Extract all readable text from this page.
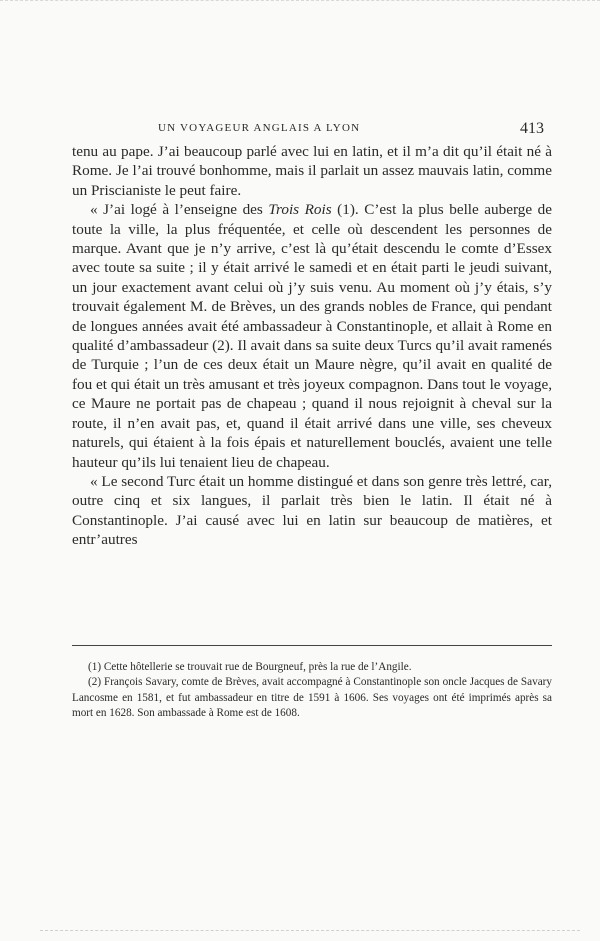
UN VOYAGEUR ANGLAIS A LYON	413

tenu au pape. J’ai beaucoup parlé avec lui en latin, et il m’a dit qu’il était né à Rome. Je l’ai trouvé bonhomme, mais il parlait un assez mauvais latin, comme un Priscianiste le peut faire.

« J’ai logé à l’enseigne des Trois Rois (1). C’est la plus belle auberge de toute la ville, la plus fréquentée, et celle où descendent les personnes de marque. Avant que je n’y arrive, c’est là qu’était descendu le comte d’Essex avec toute sa suite ; il y était arrivé le samedi et en était parti le jeudi suivant, un jour exactement avant celui où j’y suis venu. Au moment où j’y étais, s’y trouvait également M. de Brèves, un des grands nobles de France, qui pendant de longues années avait été ambassadeur à Constantinople, et allait à Rome en qualité d’ambassadeur (2). Il avait dans sa suite deux Turcs qu’il avait ramenés de Turquie ; l’un de ces deux était un Maure nègre, qu’il avait en qualité de fou et qui était un très amusant et très joyeux compagnon. Dans tout le voyage, ce Maure ne portait pas de chapeau ; quand il nous rejoignit à cheval sur la route, il n’en avait pas, et, quand il était arrivé dans une ville, ses cheveux naturels, qui étaient à la fois épais et naturellement bouclés, avaient une telle hauteur qu’ils lui tenaient lieu de chapeau.

« Le second Turc était un homme distingué et dans son genre très lettré, car, outre cinq et six langues, il parlait très bien le latin. Il était né à Constantinople. J’ai causé avec lui en latin sur beaucoup de matières, et entr’autres

(1) Cette hôtellerie se trouvait rue de Bourgneuf, près la rue de l’Angile.

(2) François Savary, comte de Brèves, avait accompagné à Constantinople son oncle Jacques de Savary Lancosme en 1581, et fut ambassadeur en titre de 1591 à 1606. Ses voyages ont été imprimés après sa mort en 1628. Son ambassade à Rome est de 1608.
